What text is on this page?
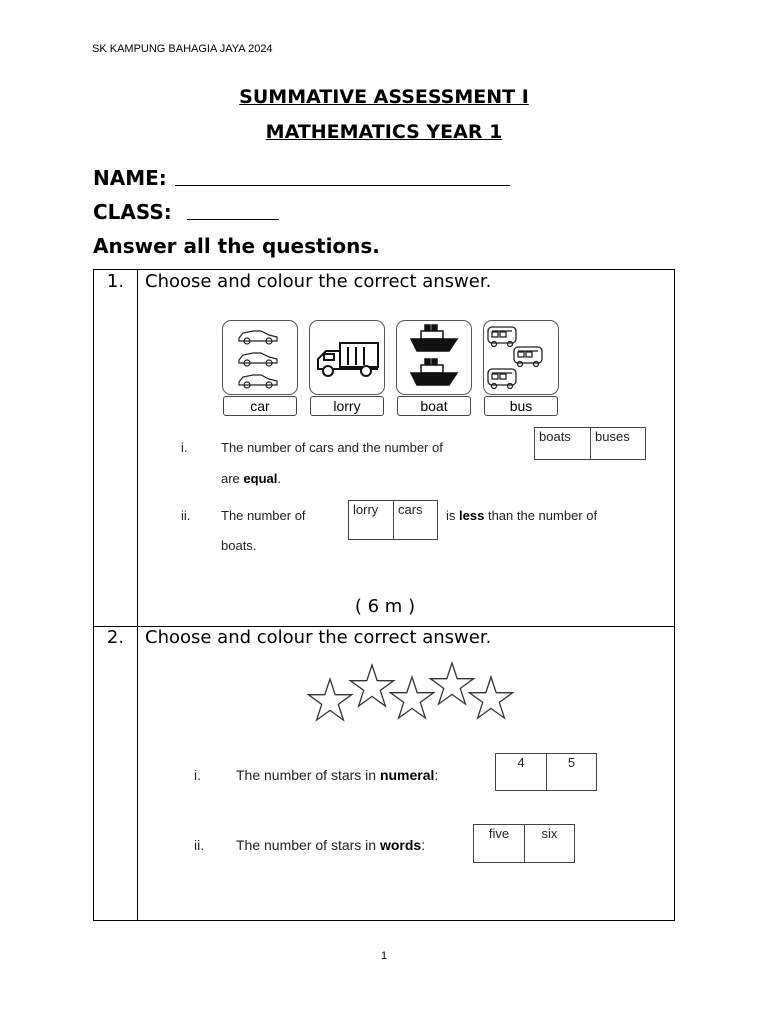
SK KAMPUNG BAHAGIA JAYA 2024
SUMMATIVE ASSESSMENT I
MATHEMATICS YEAR 1
NAME:
CLASS:
Answer all the questions.
1.	Choose and colour the correct answer.
car	lorry	boat	bus
i.	The number of cars and the number of
boats	buses
are equal.
ii. The number of	lorry	cars	is less than the number of
boats.
( 6 m )
2.	Choose and colour the correct answer.
i.	The number of stars in numeral:
4	5
ii. The number of stars in words:
five	six
1
